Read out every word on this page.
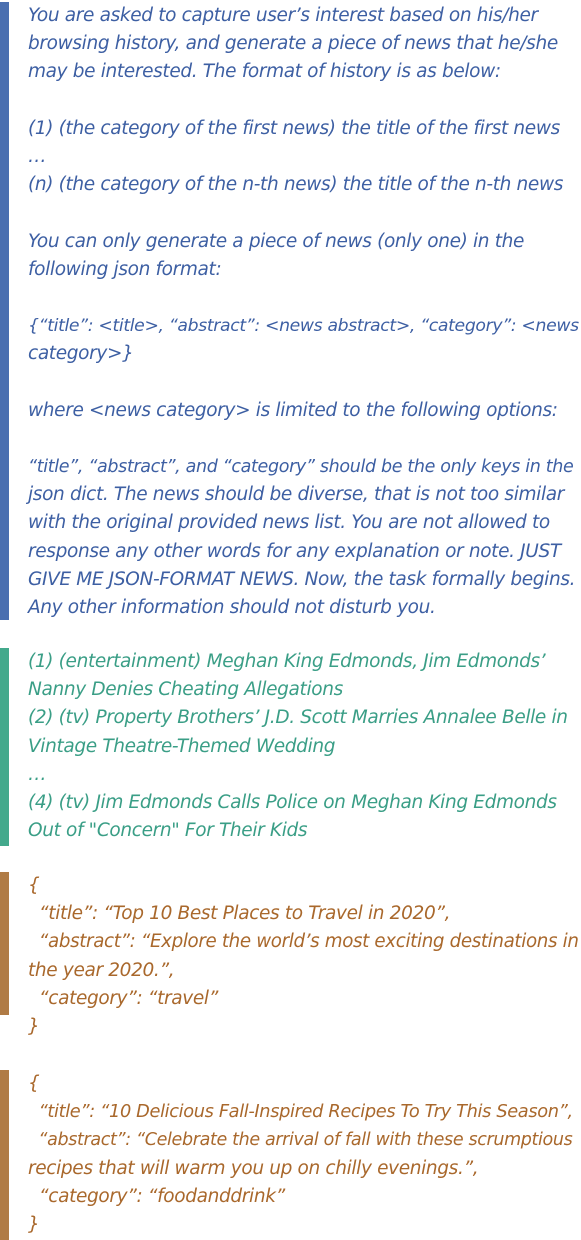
You are asked to capture user’s interest based on his/her
browsing history, and generate a piece of news that he/she
may be interested. The format of history is as below:
(1) (the category of the first news) the title of the first news
…
(n) (the category of the n-th news) the title of the n-th news
You can only generate a piece of news (only one) in the
following json format:
{“title”: <title>, “abstract”: <news abstract>, “category”: <news
category>}
where <news category> is limited to the following options:
“title”, “abstract”, and “category” should be the only keys in the
json dict. The news should be diverse, that is not too similar
with the original provided news list. You are not allowed to
response any other words for any explanation or note. JUST
GIVE ME JSON-FORMAT NEWS. Now, the task formally begins.
Any other information should not disturb you.
(1) (entertainment) Meghan King Edmonds, Jim Edmonds’
Nanny Denies Cheating Allegations
(2) (tv) Property Brothers’ J.D. Scott Marries Annalee Belle in
Vintage Theatre-Themed Wedding
…
(4) (tv) Jim Edmonds Calls Police on Meghan King Edmonds
Out of "Concern" For Their Kids
{
“title”: “Top 10 Best Places to Travel in 2020”,
“abstract”: “Explore the world’s most exciting destinations in
the year 2020.”,
“category”: “travel”
}
{
“title”: “10 Delicious Fall-Inspired Recipes To Try This Season”,
“abstract”: “Celebrate the arrival of fall with these scrumptious
recipes that will warm you up on chilly evenings.”,
“category”: “foodanddrink”
}
